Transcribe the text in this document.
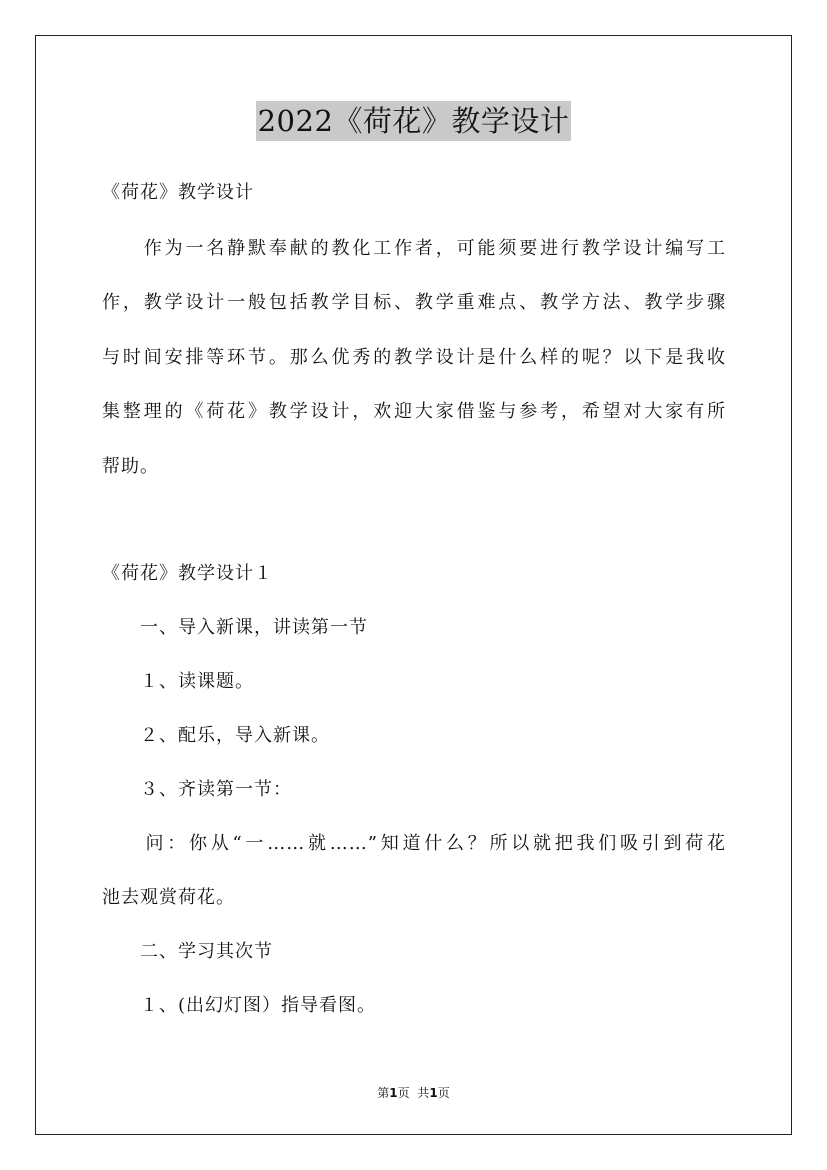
2022《荷花》教学设计
《荷花》教学设计
　　作为一名静默奉献的教化工作者，可能须要进行教学设计编写工
作，教学设计一般包括教学目标、教学重难点、教学方法、教学步骤
与时间安排等环节。那么优秀的教学设计是什么样的呢？以下是我收
集整理的《荷花》教学设计，欢迎大家借鉴与参考，希望对大家有所
帮助。
《荷花》教学设计１
　　一、导入新课，讲读第一节
　　１、读课题。
　　２、配乐，导入新课。
　　３、齐读第一节：
　　问：你从“一……就……”知道什么？所以就把我们吸引到荷花
池去观赏荷花。
　　二、学习其次节
　　１、(出幻灯图）指导看图。
第1页 共1页
